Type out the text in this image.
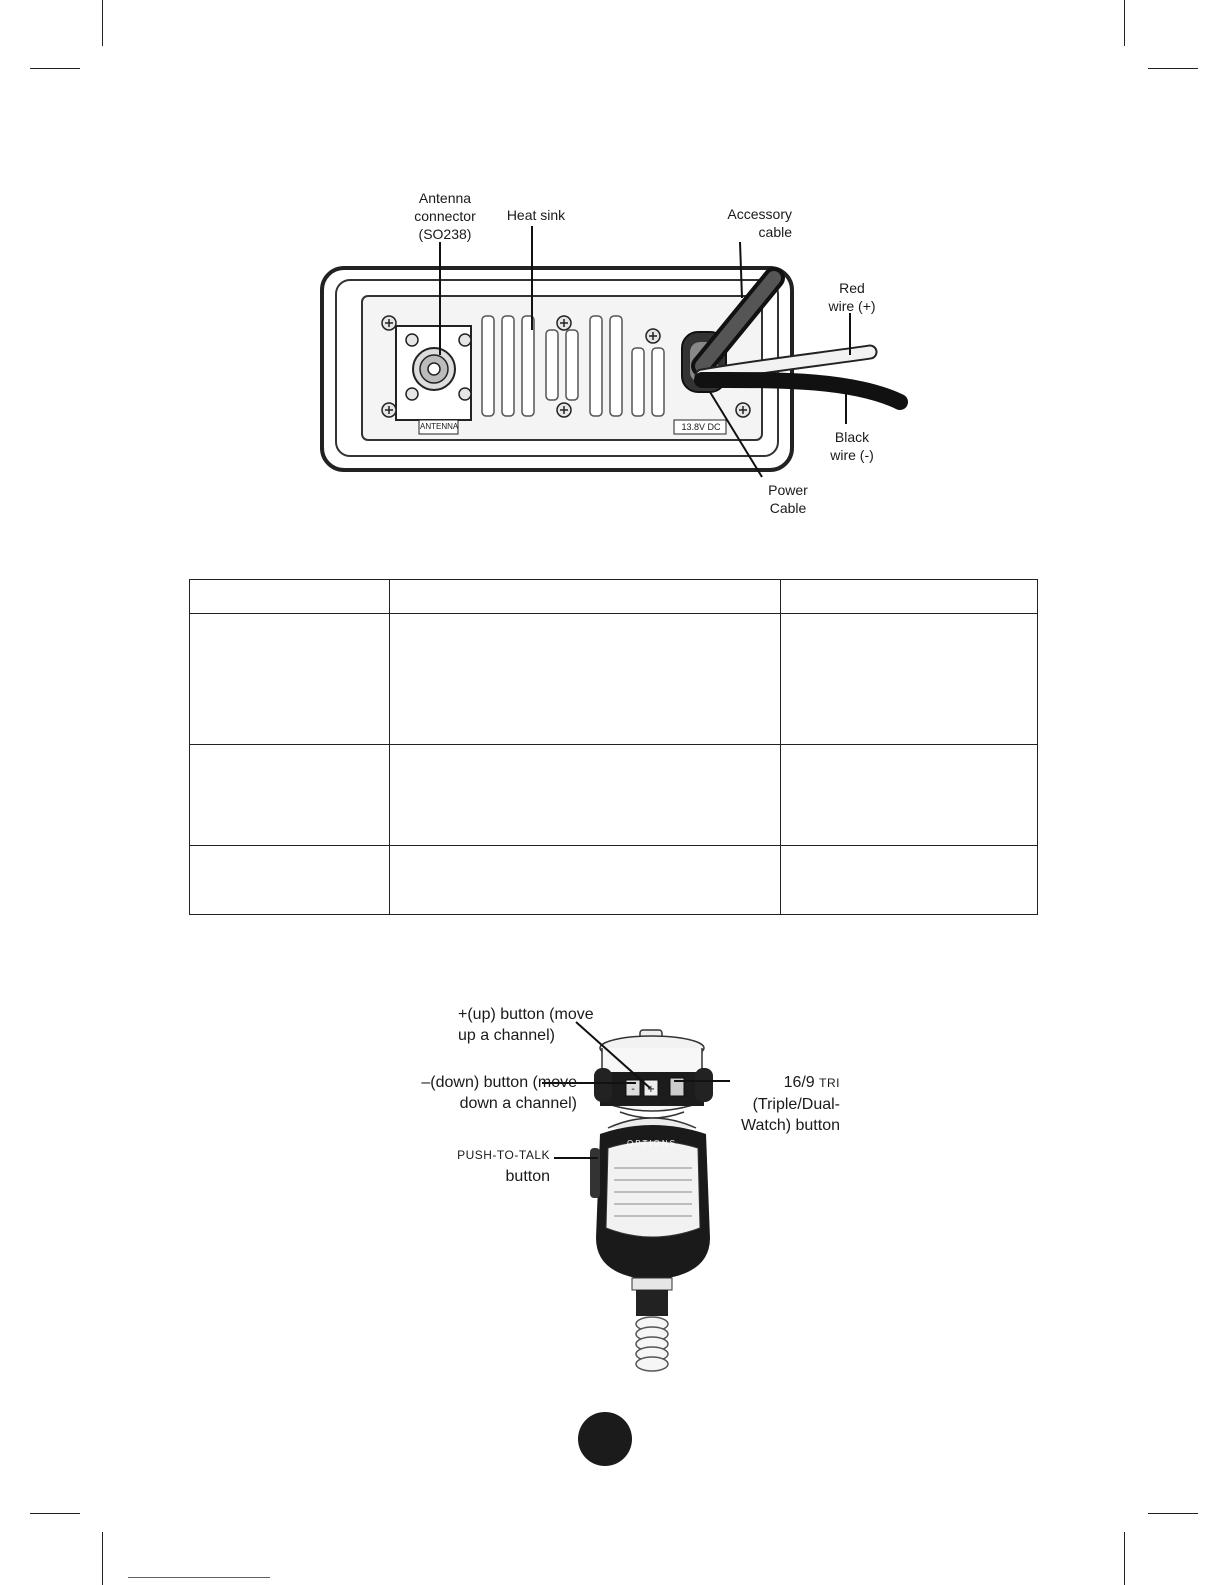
ANTENNA	13.8V DC
Antenna
connector
(SO238)
Heat sink	Accessory
cable
Red
wire (+)
Black
wire (-)
Power
Cable

+
-
OPTIONS
+(up) button (move
up a channel)
–(down) button (move
down a channel)
16/9 TRI
(Triple/Dual-
Watch) button
PUSH-TO-TALK
button
